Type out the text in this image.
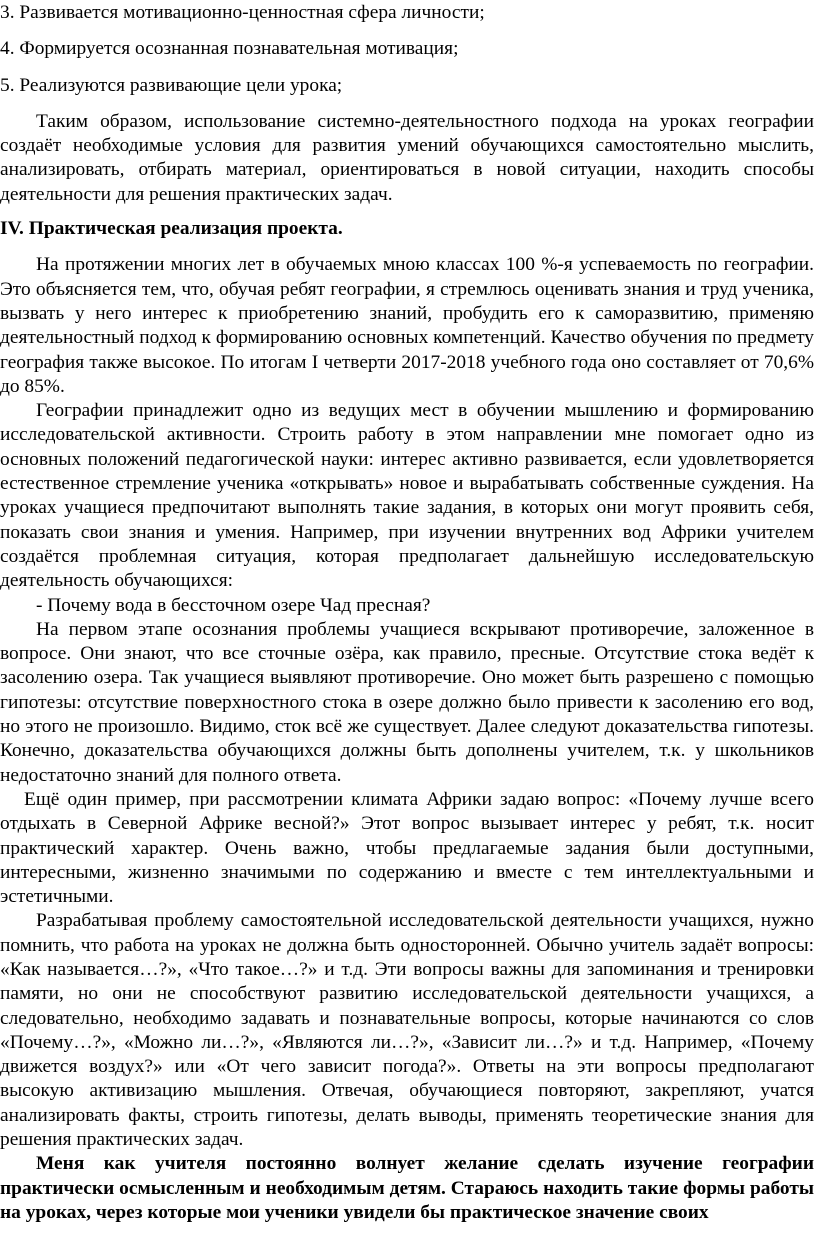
3. Развивается мотивационно-ценностная сфера личности;

4. Формируется осознанная познавательная мотивация;

5. Реализуются развивающие цели урока;

Таким образом, использование системно-деятельностного подхода на уроках географии создаёт необходимые условия для развития умений обучающихся самостоятельно мыслить, анализировать, отбирать материал, ориентироваться в новой ситуации, находить способы деятельности для решения практических задач.

IV. Практическая реализация проекта.

На протяжении многих лет в обучаемых мною классах 100 %-я успеваемость по географии. Это объясняется тем, что, обучая ребят географии, я стремлюсь оценивать знания и труд ученика, вызвать у него интерес к приобретению знаний, пробудить его к саморазвитию, применяю деятельностный подход к формированию основных компетенций. Качество обучения по предмету география также высокое. По итогам I четверти 2017-2018 учебного года оно составляет от 70,6% до 85%.

Географии принадлежит одно из ведущих мест в обучении мышлению и формированию исследовательской активности. Строить работу в этом направлении мне помогает одно из основных положений педагогической науки: интерес активно развивается, если удовлетворяется естественное стремление ученика «открывать» новое и вырабатывать собственные суждения. На уроках учащиеся предпочитают выполнять такие задания, в которых они могут проявить себя, показать свои знания и умения. Например, при изучении внутренних вод Африки учителем создаётся проблемная ситуация, которая предполагает дальнейшую исследовательскую деятельность обучающихся:

- Почему вода в бессточном озере Чад пресная?

На первом этапе осознания проблемы учащиеся вскрывают противоречие, заложенное в вопросе. Они знают, что все сточные озёра, как правило, пресные. Отсутствие стока ведёт к засолению озера. Так учащиеся выявляют противоречие. Оно может быть разрешено с помощью гипотезы: отсутствие поверхностного стока в озере должно было привести к засолению его вод, но этого не произошло. Видимо, сток всё же существует. Далее следуют доказательства гипотезы. Конечно, доказательства обучающихся должны быть дополнены учителем, т.к. у школьников недостаточно знаний для полного ответа.

Ещё один пример, при рассмотрении климата Африки задаю вопрос: «Почему лучше всего отдыхать в Северной Африке весной?» Этот вопрос вызывает интерес у ребят, т.к. носит практический характер. Очень важно, чтобы предлагаемые задания были доступными, интересными, жизненно значимыми по содержанию и вместе с тем интеллектуальными и эстетичными.

Разрабатывая проблему самостоятельной исследовательской деятельности учащихся, нужно помнить, что работа на уроках не должна быть односторонней. Обычно учитель задаёт вопросы: «Как называется…?», «Что такое…?» и т.д. Эти вопросы важны для запоминания и тренировки памяти, но они не способствуют развитию исследовательской деятельности учащихся, а следовательно, необходимо задавать и познавательные вопросы, которые начинаются со слов «Почему…?», «Можно ли…?», «Являются ли…?», «Зависит ли…?» и т.д. Например, «Почему движется воздух?» или «От чего зависит погода?». Ответы на эти вопросы предполагают высокую активизацию мышления. Отвечая, обучающиеся повторяют, закрепляют, учатся анализировать факты, строить гипотезы, делать выводы, применять теоретические знания для решения практических задач.

Меня как учителя постоянно волнует желание сделать изучение географии практически осмысленным и необходимым детям. Стараюсь находить такие формы работы на уроках, через которые мои ученики увидели бы практическое значение своих
